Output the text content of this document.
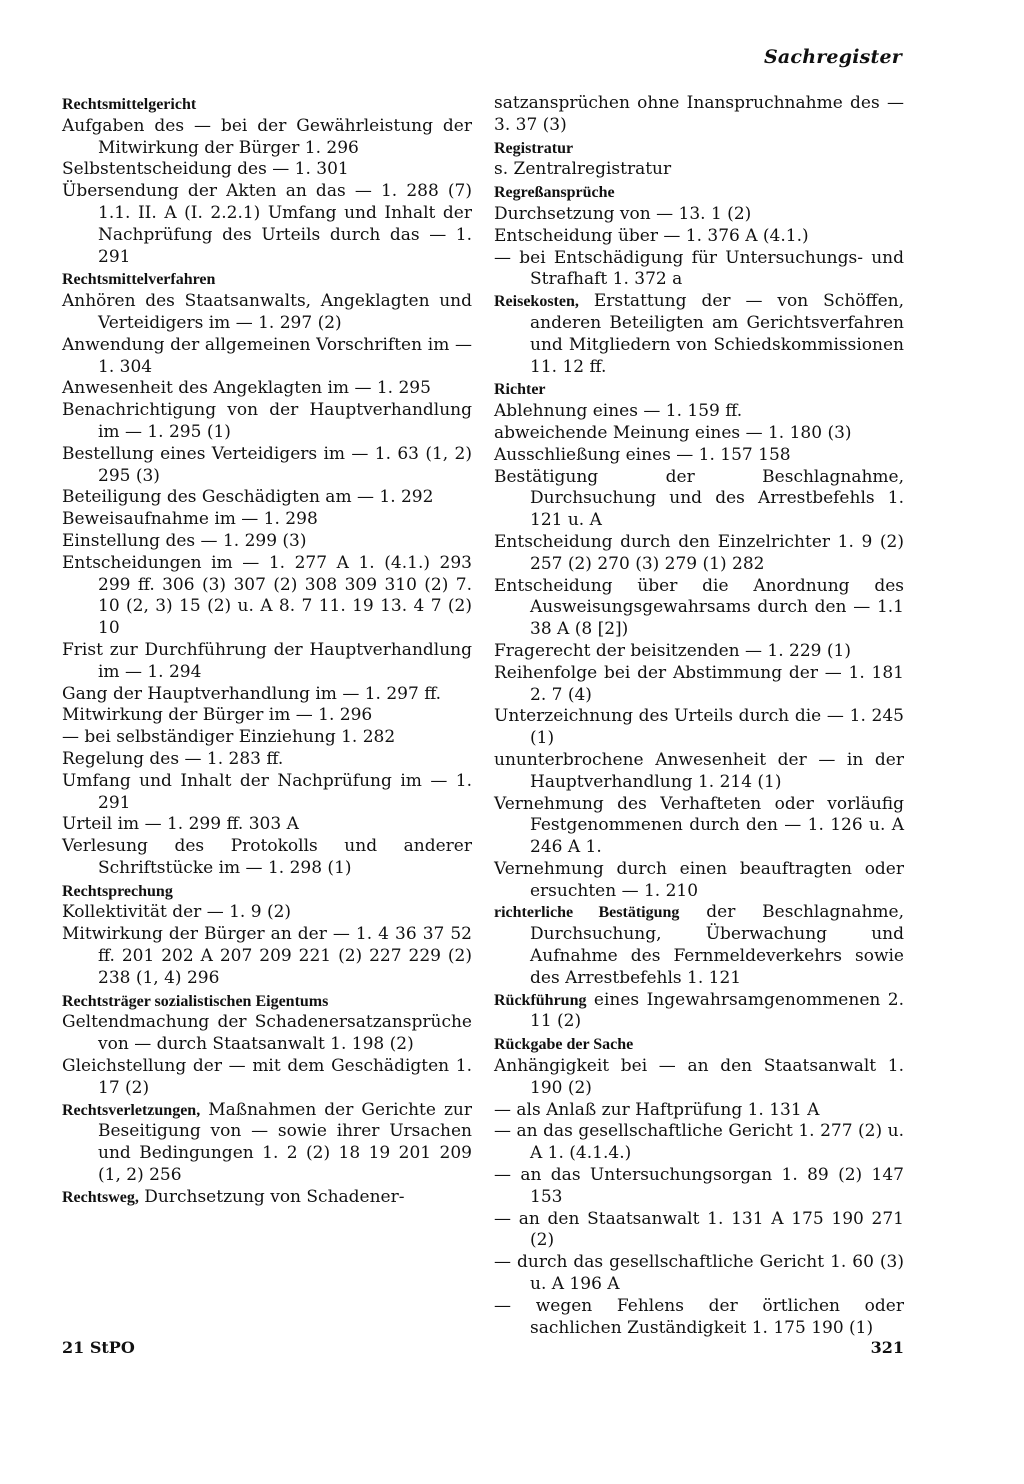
Sachregister

Rechtsmittelgericht

Aufgaben des — bei der Gewährleistung der Mitwirkung der Bürger 1. 296

Selbstentscheidung des — 1. 301

Übersendung der Akten an das — 1. 288 (7) 1.1. II. A (I. 2.2.1) Umfang und Inhalt der Nachprüfung des Urteils durch das — 1. 291

Rechtsmittelverfahren

Anhören des Staatsanwalts, Angeklagten und Verteidigers im — 1. 297 (2)

Anwendung der allgemeinen Vorschriften im — 1. 304

Anwesenheit des Angeklagten im — 1. 295

Benachrichtigung von der Hauptverhandlung im — 1. 295 (1)

Bestellung eines Verteidigers im — 1. 63 (1, 2) 295 (3)

Beteiligung des Geschädigten am — 1. 292

Beweisaufnahme im — 1. 298

Einstellung des — 1. 299 (3)

Entscheidungen im — 1. 277 A 1. (4.1.) 293 299 ff. 306 (3) 307 (2) 308 309 310 (2) 7. 10 (2, 3) 15 (2) u. A 8. 7 11. 19 13. 4 7 (2) 10

Frist zur Durchführung der Hauptverhandlung im — 1. 294

Gang der Hauptverhandlung im — 1. 297 ff.

Mitwirkung der Bürger im — 1. 296

— bei selbständiger Einziehung 1. 282

Regelung des — 1. 283 ff.

Umfang und Inhalt der Nachprüfung im — 1. 291

Urteil im — 1. 299 ff. 303 A

Verlesung des Protokolls und anderer Schriftstücke im — 1. 298 (1)

Rechtsprechung

Kollektivität der — 1. 9 (2)

Mitwirkung der Bürger an der — 1. 4 36 37 52 ff. 201 202 A 207 209 221 (2) 227 229 (2) 238 (1, 4) 296

Rechtsträger sozialistischen Eigentums

Geltendmachung der Schadenersatzansprüche von — durch Staatsanwalt 1. 198 (2)

Gleichstellung der — mit dem Geschädigten 1. 17 (2)

Rechtsverletzungen, Maßnahmen der Gerichte zur Beseitigung von — sowie ihrer Ursachen und Bedingungen 1. 2 (2) 18 19 201 209 (1, 2) 256

Rechtsweg, Durchsetzung von Schadener-

satzansprüchen ohne Inanspruchnahme des — 3. 37 (3)

Registratur

s. Zentralregistratur

Regreßansprüche

Durchsetzung von — 13. 1 (2)

Entscheidung über — 1. 376 A (4.1.)

— bei Entschädigung für Untersuchungs- und Strafhaft 1. 372 a

Reisekosten, Erstattung der — von Schöffen, anderen Beteiligten am Gerichtsverfahren und Mitgliedern von Schiedskommissionen 11. 12 ff.

Richter

Ablehnung eines — 1. 159 ff.

abweichende Meinung eines — 1. 180 (3)

Ausschließung eines — 1. 157 158

Bestätigung der Beschlagnahme, Durchsuchung und des Arrestbefehls 1. 121 u. A

Entscheidung durch den Einzelrichter 1. 9 (2) 257 (2) 270 (3) 279 (1) 282

Entscheidung über die Anordnung des Ausweisungsgewahrsams durch den — 1.1 38 A (8 [2])

Fragerecht der beisitzenden — 1. 229 (1)

Reihenfolge bei der Abstimmung der — 1. 181 2. 7 (4)

Unterzeichnung des Urteils durch die — 1. 245 (1)

ununterbrochene Anwesenheit der — in der Hauptverhandlung 1. 214 (1)

Vernehmung des Verhafteten oder vorläufig Festgenommenen durch den — 1. 126 u. A 246 A 1.

Vernehmung durch einen beauftragten oder ersuchten — 1. 210

richterliche Bestätigung der Beschlagnahme, Durchsuchung, Überwachung und Aufnahme des Fernmeldeverkehrs sowie des Arrestbefehls 1. 121

Rückführung eines Ingewahrsamgenommenen 2. 11 (2)

Rückgabe der Sache

Anhängigkeit bei — an den Staatsanwalt 1. 190 (2)

— als Anlaß zur Haftprüfung 1. 131 A

— an das gesellschaftliche Gericht 1. 277 (2) u. A 1. (4.1.4.)

— an das Untersuchungsorgan 1. 89 (2) 147 153

— an den Staatsanwalt 1. 131 A 175 190 271 (2)

— durch das gesellschaftliche Gericht 1. 60 (3) u. A 196 A

— wegen Fehlens der örtlichen oder sachlichen Zuständigkeit 1. 175 190 (1)

21 StPO	321
